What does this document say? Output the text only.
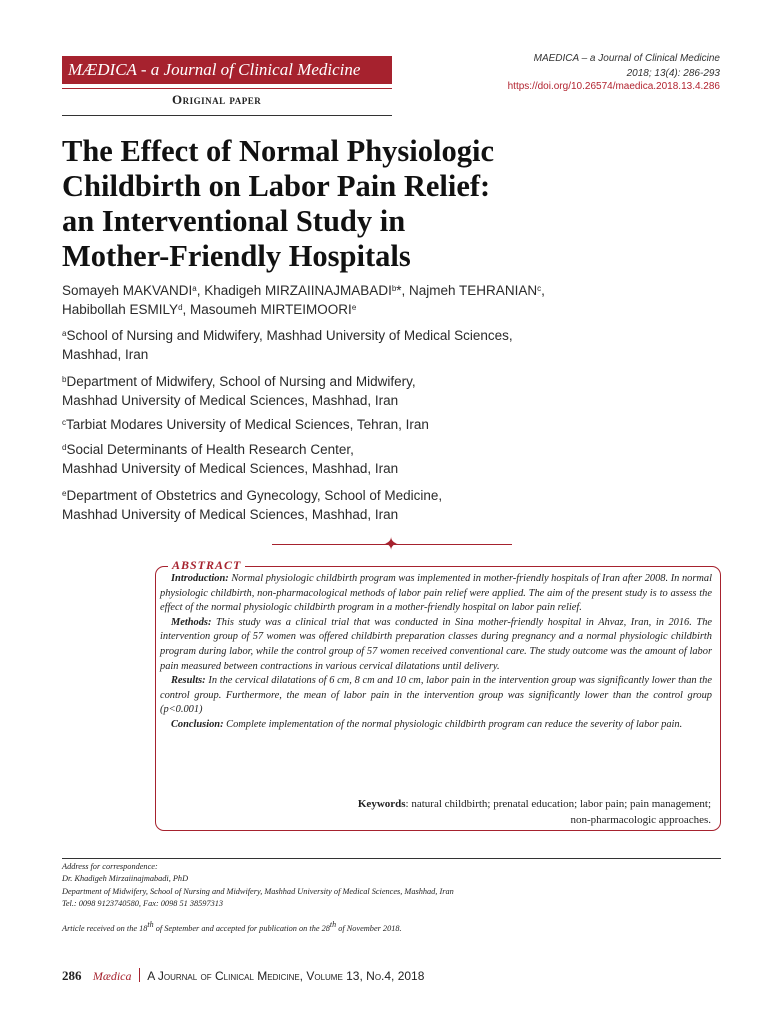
MÆDICA - a Journal of Clinical Medicine
Original paper
MAEDICA – a Journal of Clinical Medicine
2018; 13(4): 286-293
https://doi.org/10.26574/maedica.2018.13.4.286
The Effect of Normal Physiologic
Childbirth on Labor Pain Relief:
an Interventional Study in
Mother-Friendly Hospitals
Somayeh MAKVANDI$^a$, Khadigeh MIRZAIINAJMABADI$^b$*, Najmeh TEHRANIAN$^c$,
Habibollah ESMILY$^d$, Masoumeh MIRTEIMOORI$^e$
$^a$School of Nursing and Midwifery, Mashhad University of Medical Sciences,
Mashhad, Iran
$^b$Department of Midwifery, School of Nursing and Midwifery,
Mashhad University of Medical Sciences, Mashhad, Iran
$^c$Tarbiat Modares University of Medical Sciences, Tehran, Iran
$^d$Social Determinants of Health Research Center,
Mashhad University of Medical Sciences, Mashhad, Iran
$^e$Department of Obstetrics and Gynecology, School of Medicine,
Mashhad University of Medical Sciences, Mashhad, Iran
✦
ABSTRACT

Introduction: Normal physiologic childbirth program was implemented in mother-friendly hospitals of Iran after 2008. In normal physiologic childbirth, non-pharmacological methods of labor pain relief were applied. The aim of the present study is to assess the effect of the normal physiologic childbirth program in a mother-friendly hospital on labor pain relief.

Methods: This study was a clinical trial that was conducted in Sina mother-friendly hospital in Ahvaz, Iran, in 2016. The intervention group of 57 women was offered childbirth preparation classes during pregnancy and a normal physiologic childbirth program during labor, while the control group of 57 women received conventional care. The study outcome was the amount of labor pain measured between contractions in various cervical dilatations until delivery.

Results: In the cervical dilatations of 6 cm, 8 cm and 10 cm, labor pain in the intervention group was significantly lower than the control group. Furthermore, the mean of labor pain in the intervention group was significantly lower than the control group (p<0.001)

Conclusion: Complete implementation of the normal physiologic childbirth program can reduce the severity of labor pain.

Keywords: natural childbirth; prenatal education; labor pain; pain management;
non-pharmacologic approaches.
Address for correspondence:
Dr. Khadigeh Mirzaiinajmabadi, PhD
Department of Midwifery, School of Nursing and Midwifery, Mashhad University of Medical Sciences, Mashhad, Iran
Tel.: 0098 9123740580, Fax: 0098 51 38597313
Article received on the 18th of September and accepted for publication on the 28th of November 2018.
286 Mædica A Journal of Clinical Medicine, Volume 13, No.4, 2018
